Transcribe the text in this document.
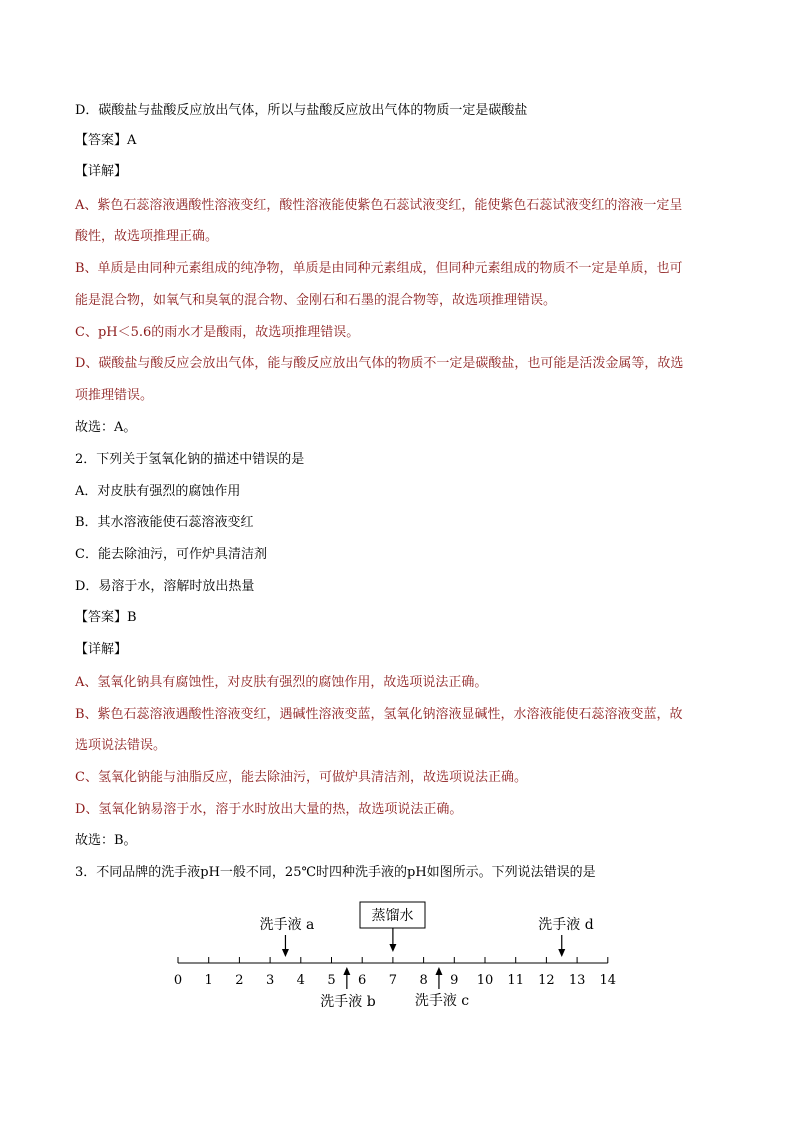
D．碳酸盐与盐酸反应放出气体，所以与盐酸反应放出气体的物质一定是碳酸盐
【答案】A
【详解】
A、紫色石蕊溶液遇酸性溶液变红，酸性溶液能使紫色石蕊试液变红，能使紫色石蕊试液变红的溶液一定呈
酸性，故选项推理正确。
B、单质是由同种元素组成的纯净物，单质是由同种元素组成，但同种元素组成的物质不一定是单质，也可
能是混合物，如氧气和臭氧的混合物、金刚石和石墨的混合物等，故选项推理错误。
C、pH＜5.6的雨水才是酸雨，故选项推理错误。
D、碳酸盐与酸反应会放出气体，能与酸反应放出气体的物质不一定是碳酸盐，也可能是活泼金属等，故选
项推理错误。
故选：A。
2．下列关于氢氧化钠的描述中错误的是
A．对皮肤有强烈的腐蚀作用
B．其水溶液能使石蕊溶液变红
C．能去除油污，可作炉具清洁剂
D．易溶于水，溶解时放出热量
【答案】B
【详解】
A、氢氧化钠具有腐蚀性，对皮肤有强烈的腐蚀作用，故选项说法正确。
B、紫色石蕊溶液遇酸性溶液变红，遇碱性溶液变蓝，氢氧化钠溶液显碱性，水溶液能使石蕊溶液变蓝，故
选项说法错误。
C、氢氧化钠能与油脂反应，能去除油污，可做炉具清洁剂，故选项说法正确。
D、氢氧化钠易溶于水，溶于水时放出大量的热，故选项说法正确。
故选：B。
3．不同品牌的洗手液pH一般不同，25℃时四种洗手液的pH如图所示。下列说法错误的是
0 1 2 3 4 5 6 7 8 9 10 11 12 13 14
洗手液 a	洗手液 d
蒸馏水
洗手液 b	洗手液 c
